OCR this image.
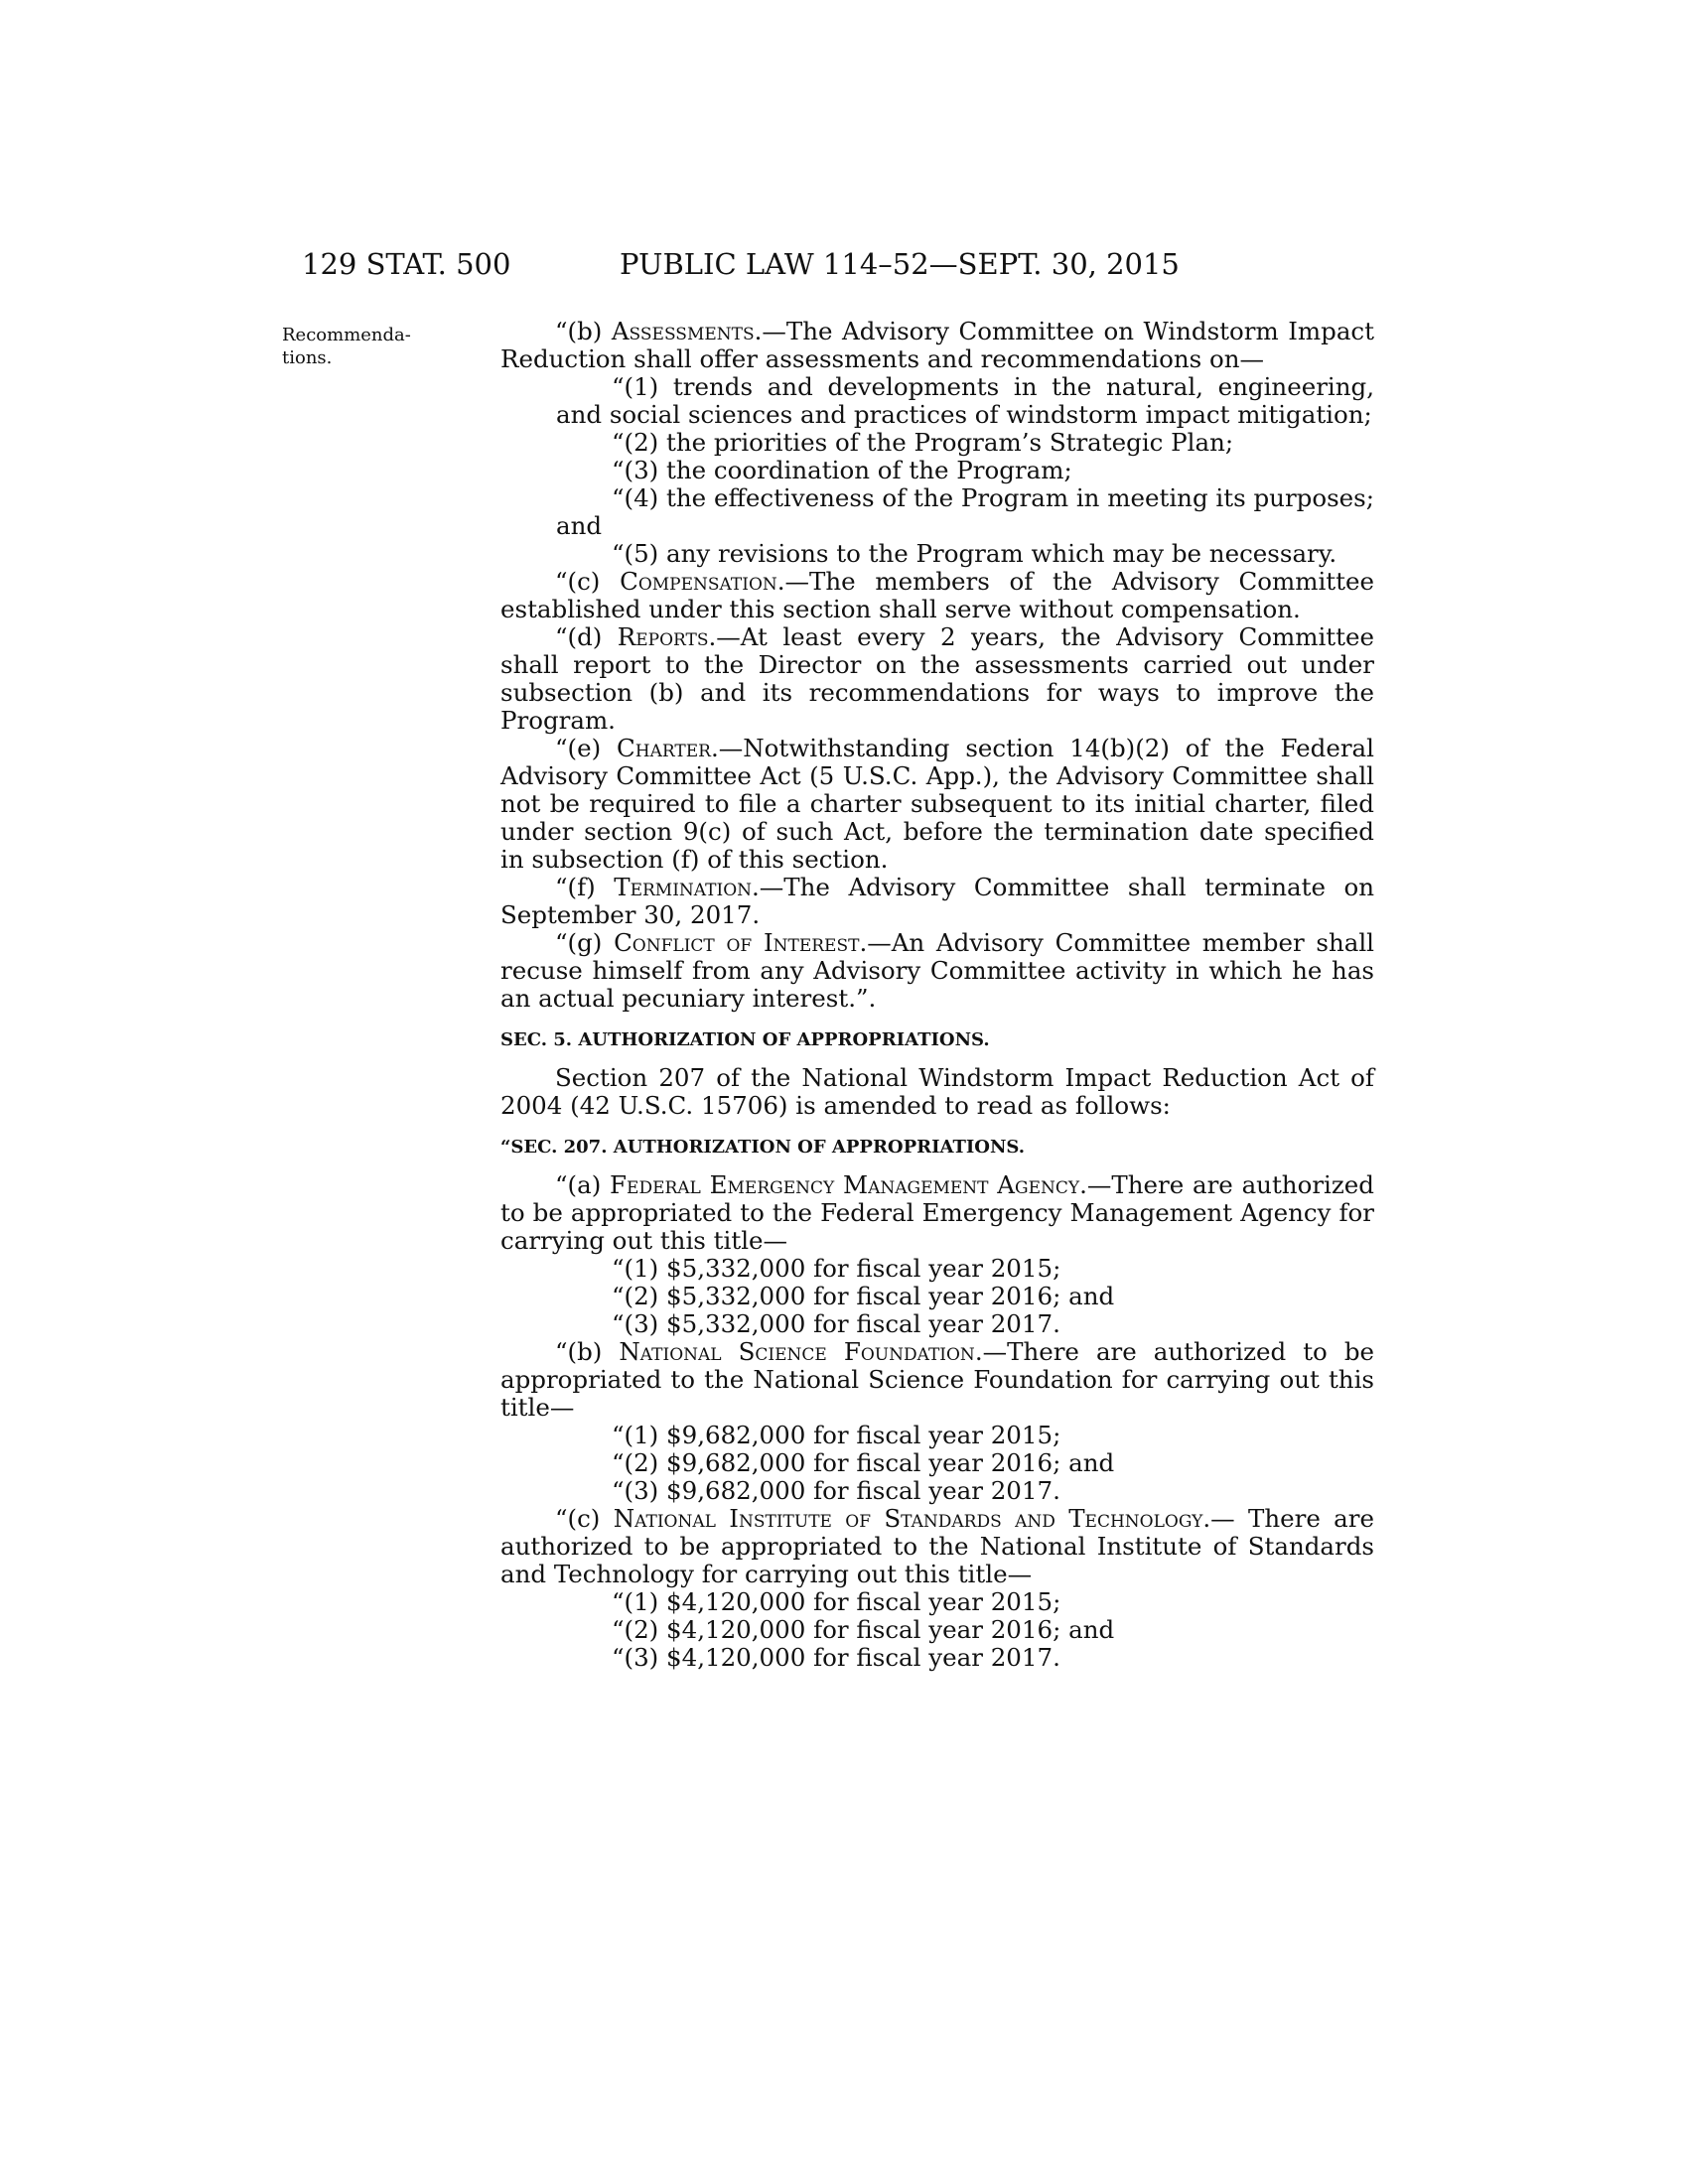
129 STAT. 500	PUBLIC LAW 114–52—SEPT. 30, 2015
Recommenda- tions.

“(b) Assessments.—The Advisory Committee on Windstorm Impact Reduction shall offer assessments and recommendations on—

“(1) trends and developments in the natural, engineering, and social sciences and practices of windstorm impact mitigation;

“(2) the priorities of the Program’s Strategic Plan;

“(3) the coordination of the Program;

“(4) the effectiveness of the Program in meeting its purposes; and

“(5) any revisions to the Program which may be necessary.

“(c) Compensation.—The members of the Advisory Committee established under this section shall serve without compensation.

“(d) Reports.—At least every 2 years, the Advisory Committee shall report to the Director on the assessments carried out under subsection (b) and its recommendations for ways to improve the Program.

“(e) Charter.—Notwithstanding section 14(b)(2) of the Federal Advisory Committee Act (5 U.S.C. App.), the Advisory Committee shall not be required to file a charter subsequent to its initial charter, filed under section 9(c) of such Act, before the termination date specified in subsection (f) of this section.

“(f) Termination.—The Advisory Committee shall terminate on September 30, 2017.

“(g) Conflict of Interest.—An Advisory Committee member shall recuse himself from any Advisory Committee activity in which he has an actual pecuniary interest.”.

SEC. 5. AUTHORIZATION OF APPROPRIATIONS.

Section 207 of the National Windstorm Impact Reduction Act of 2004 (42 U.S.C. 15706) is amended to read as follows:

“SEC. 207. AUTHORIZATION OF APPROPRIATIONS.

“(a) Federal Emergency Management Agency.—There are authorized to be appropriated to the Federal Emergency Management Agency for carrying out this title—

“(1) $5,332,000 for fiscal year 2015;

“(2) $5,332,000 for fiscal year 2016; and

“(3) $5,332,000 for fiscal year 2017.

“(b) National Science Foundation.—There are authorized to be appropriated to the National Science Foundation for carrying out this title—

“(1) $9,682,000 for fiscal year 2015;

“(2) $9,682,000 for fiscal year 2016; and

“(3) $9,682,000 for fiscal year 2017.

“(c) National Institute of Standards and Technology.— There are authorized to be appropriated to the National Institute of Standards and Technology for carrying out this title—

“(1) $4,120,000 for fiscal year 2015;

“(2) $4,120,000 for fiscal year 2016; and

“(3) $4,120,000 for fiscal year 2017.
